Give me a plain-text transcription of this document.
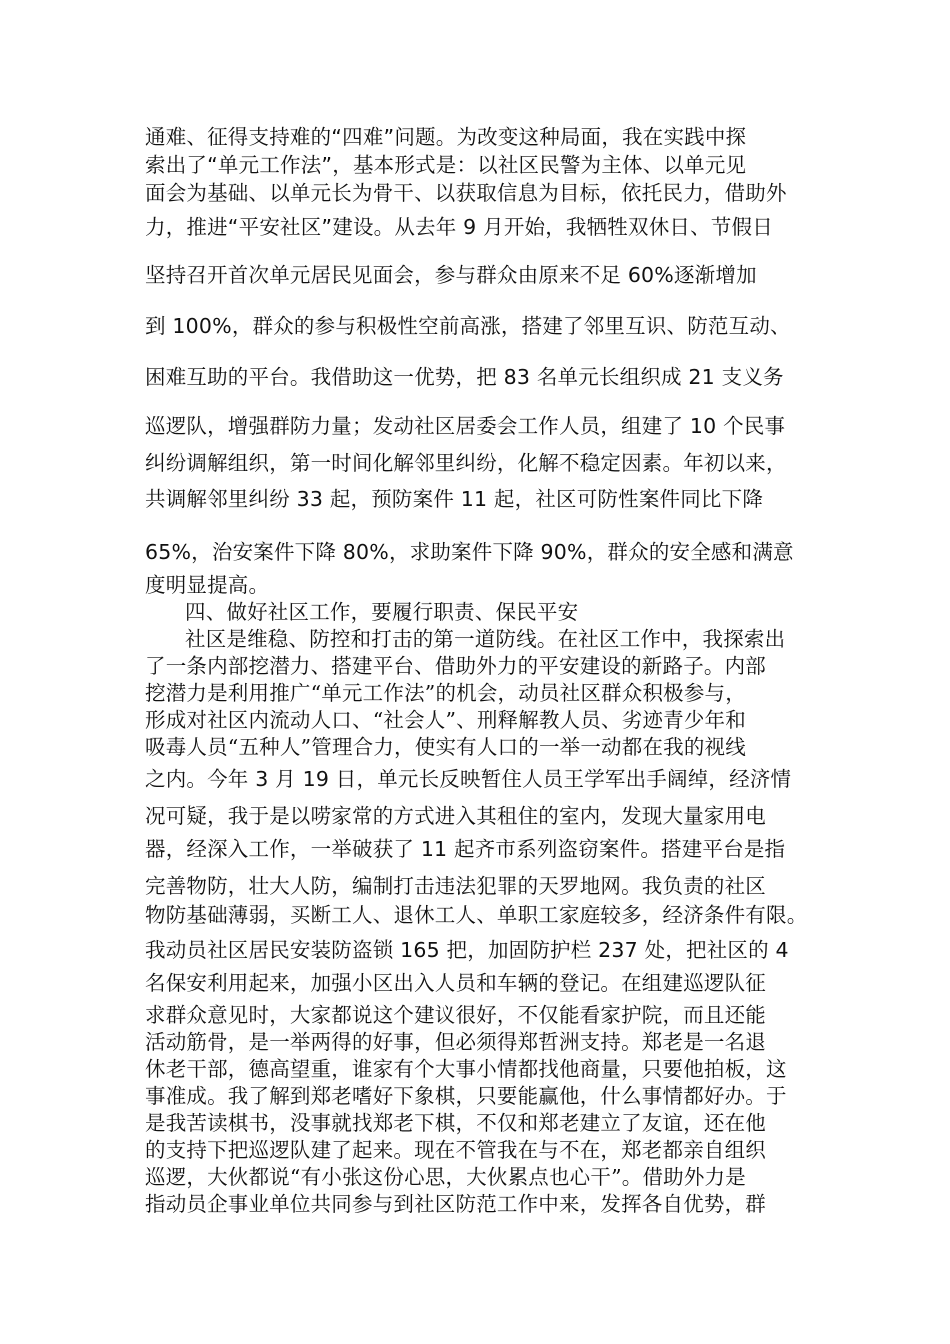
通难、征得支持难的“四难”问题。为改变这种局面，我在实践中探
索出了“单元工作法”，基本形式是：以社区民警为主体、以单元见
面会为基础、以单元长为骨干、以获取信息为目标，依托民力，借助外
力，推进“平安社区”建设。从去年 9 月开始，我牺牲双休日、节假日
坚持召开首次单元居民见面会，参与群众由原来不足 60%逐渐增加
到 100%，群众的参与积极性空前高涨，搭建了邻里互识、防范互动、
困难互助的平台。我借助这一优势，把 83 名单元长组织成 21 支义务
巡逻队，增强群防力量；发动社区居委会工作人员，组建了 10 个民事
纠纷调解组织，第一时间化解邻里纠纷，化解不稳定因素。年初以来，
共调解邻里纠纷 33 起，预防案件 11 起，社区可防性案件同比下降
65%，治安案件下降 80%，求助案件下降 90%，群众的安全感和满意
度明显提高。
四、做好社区工作，要履行职责、保民平安
社区是维稳、防控和打击的第一道防线。在社区工作中，我探索出
了一条内部挖潜力、搭建平台、借助外力的平安建设的新路子。内部
挖潜力是利用推广“单元工作法”的机会，动员社区群众积极参与，
形成对社区内流动人口、“社会人”、刑释解教人员、劣迹青少年和
吸毒人员“五种人”管理合力，使实有人口的一举一动都在我的视线
之内。今年 3 月 19 日，单元长反映暂住人员王学军出手阔绰，经济情
况可疑，我于是以唠家常的方式进入其租住的室内，发现大量家用电
器，经深入工作，一举破获了 11 起齐市系列盗窃案件。搭建平台是指
完善物防，壮大人防，编制打击违法犯罪的天罗地网。我负责的社区
物防基础薄弱，买断工人、退休工人、单职工家庭较多，经济条件有限。
我动员社区居民安装防盗锁 165 把，加固防护栏 237 处，把社区的 4
名保安利用起来，加强小区出入人员和车辆的登记。在组建巡逻队征
求群众意见时，大家都说这个建议很好，不仅能看家护院，而且还能
活动筋骨，是一举两得的好事，但必须得郑哲洲支持。郑老是一名退
休老干部，德高望重，谁家有个大事小情都找他商量，只要他拍板，这
事准成。我了解到郑老嗜好下象棋，只要能赢他，什么事情都好办。于
是我苦读棋书，没事就找郑老下棋，不仅和郑老建立了友谊，还在他
的支持下把巡逻队建了起来。现在不管我在与不在，郑老都亲自组织
巡逻，大伙都说“有小张这份心思，大伙累点也心干”。借助外力是
指动员企事业单位共同参与到社区防范工作中来，发挥各自优势，群
